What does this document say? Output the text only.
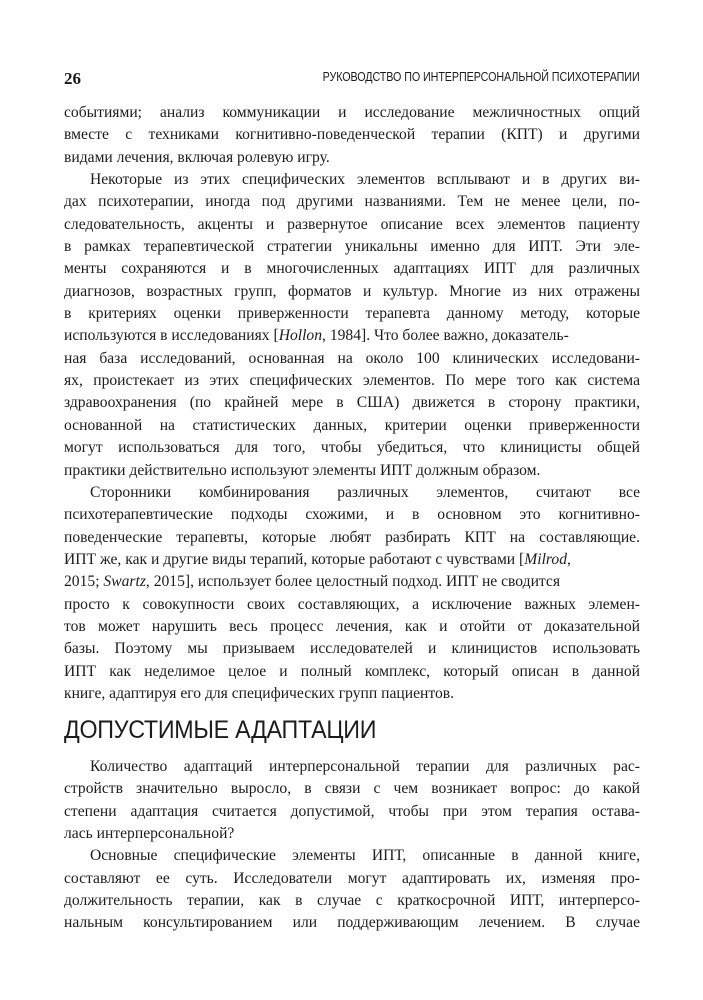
26	РУКОВОДСТВО ПО ИНТЕРПЕРСОНАЛЬНОЙ ПСИХОТЕРАПИИ
событиями; анализ коммуникации и исследование межличностных опций
вместе с техниками когнитивно-поведенческой терапии (КПТ) и другими
видами лечения, включая ролевую игру.
Некоторые из этих специфических элементов всплывают и в других ви-
дах психотерапии, иногда под другими названиями. Тем не менее цели, по-
следовательность, акценты и развернутое описание всех элементов пациенту
в рамках терапевтической стратегии уникальны именно для ИПТ. Эти эле-
менты сохраняются и в многочисленных адаптациях ИПТ для различных
диагнозов, возрастных групп, форматов и культур. Многие из них отражены
в критериях оценки приверженности терапевта данному методу, которые
используются в исследованиях [Hollon, 1984]. Что более важно, доказатель-
ная база исследований, основанная на около 100 клинических исследовани-
ях, проистекает из этих специфических элементов. По мере того как система
здравоохранения (по крайней мере в США) движется в сторону практики,
основанной на статистических данных, критерии оценки приверженности
могут использоваться для того, чтобы убедиться, что клиницисты общей
практики действительно используют элементы ИПТ должным образом.
Сторонники комбинирования различных элементов, считают все
психотерапевтические подходы схожими, и в основном это когнитивно-
поведенческие терапевты, которые любят разбирать КПТ на составляющие.
ИПТ же, как и другие виды терапий, которые работают с чувствами [Milrod,
2015; Swartz, 2015], использует более целостный подход. ИПТ не сводится
просто к совокупности своих составляющих, а исключение важных элемен-
тов может нарушить весь процесс лечения, как и отойти от доказательной
базы. Поэтому мы призываем исследователей и клиницистов использовать
ИПТ как неделимое целое и полный комплекс, который описан в данной
книге, адаптируя его для специфических групп пациентов.
ДОПУСТИМЫЕ АДАПТАЦИИ
Количество адаптаций интерперсональной терапии для различных рас-
стройств значительно выросло, в связи с чем возникает вопрос: до какой
степени адаптация считается допустимой, чтобы при этом терапия остава-
лась интерперсональной?
Основные специфические элементы ИПТ, описанные в данной книге,
составляют ее суть. Исследователи могут адаптировать их, изменяя про-
должительность терапии, как в случае с краткосрочной ИПТ, интерперсо-
нальным консультированием или поддерживающим лечением. В случае
